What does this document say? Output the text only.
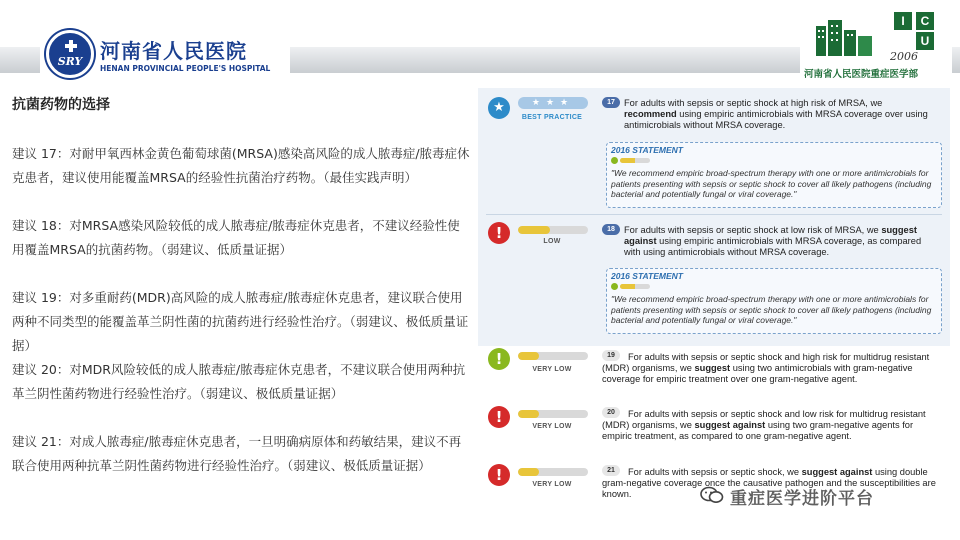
SRY 河南省人民医院
HENAN PROVINCIAL PEOPLE'S HOSPITAL
I	C
U
2006
河南省人民医院重症医学部
抗菌药物的选择
建议 17：对耐甲氧西林金黄色葡萄球菌(MRSA)感染高风险的成人脓毒症/脓毒症休克患者，建议使用能覆盖MRSA的经验性抗菌治疗药物。（最佳实践声明）
建议 18：对MRSA感染风险较低的成人脓毒症/脓毒症休克患者，不建议经验性使用覆盖MRSA的抗菌药物。（弱建议、低质量证据）
建议 19：对多重耐药(MDR)高风险的成人脓毒症/脓毒症休克患者，建议联合使用两种不同类型的能覆盖革兰阴性菌的抗菌药进行经验性治疗。（弱建议、极低质量证据）
建议 20：对MDR风险较低的成人脓毒症/脓毒症休克患者，不建议联合使用两种抗革兰阴性菌药物进行经验性治疗。（弱建议、极低质量证据）
建议 21：对成人脓毒症/脓毒症休克患者，一旦明确病原体和药敏结果，建议不再联合使用两种抗革兰阴性菌药物进行经验性治疗。（弱建议、极低质量证据）
★	★★★
BEST PRACTICE
17 For adults with sepsis or septic shock at high risk of MRSA, we recommend using empiric antimicrobials with MRSA coverage over using antimicrobials without MRSA coverage.
2016 STATEMENT
"We recommend empiric broad-spectrum therapy with one or more antimicrobials for patients presenting with sepsis or septic shock to cover all likely pathogens (including bacterial and potentially fungal or viral coverage."
!	LOW
18 For adults with sepsis or septic shock at low risk of MRSA, we suggest against using empiric antimicrobials with MRSA coverage, as compared with using antimicrobials without MRSA coverage.
2016 STATEMENT
"We recommend empiric broad-spectrum therapy with one or more antimicrobials for patients presenting with sepsis or septic shock to cover all likely pathogens (including bacterial and potentially fungal or viral coverage."
!
VERY LOW
19	For adults with sepsis or septic shock and high risk for multidrug resistant (MDR) organisms, we suggest using two antimicrobials with gram-negative coverage for empiric treatment over one gram-negative agent.
!
VERY LOW
20	For adults with sepsis or septic shock and low risk for multidrug resistant (MDR) organisms, we suggest against using two gram-negative agents for empiric treatment, as compared to one gram-negative agent.
!
VERY LOW
21	For adults with sepsis or septic shock, we suggest against using double gram-negative coverage once the causative pathogen and the susceptibilities are known.	重症医学进阶平台
